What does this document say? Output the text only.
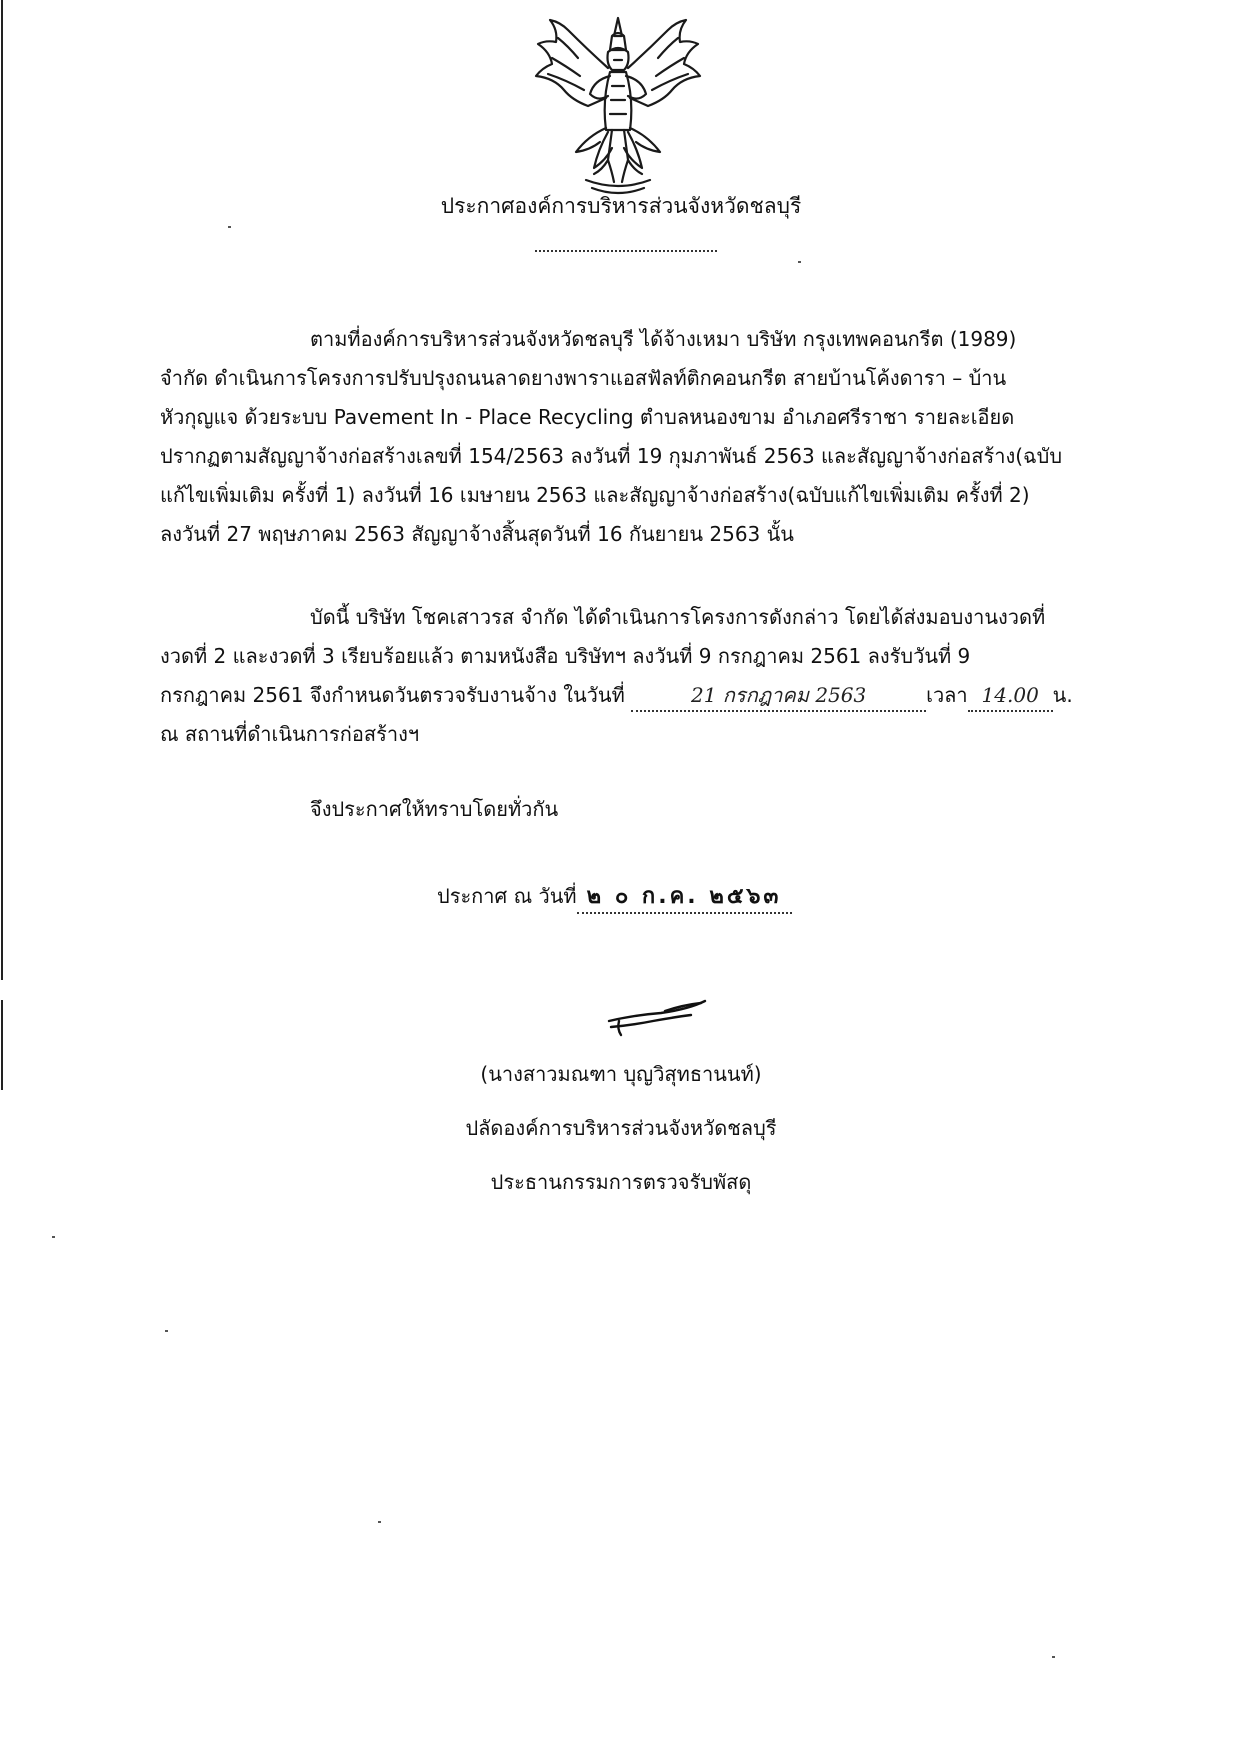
ประกาศองค์การบริหารส่วนจังหวัดชลบุรี

ตามที่องค์การบริหารส่วนจังหวัดชลบุรี ได้จ้างเหมา บริษัท กรุงเทพคอนกรีต (1989)

จำกัด ดำเนินการโครงการปรับปรุงถนนลาดยางพาราแอสฟัลท์ติกคอนกรีต สายบ้านโค้งดารา – บ้าน

หัวกุญแจ ด้วยระบบ Pavement In - Place Recycling ตำบลหนองขาม อำเภอศรีราชา รายละเอียด

ปรากฏตามสัญญาจ้างก่อสร้างเลขที่ 154/2563 ลงวันที่ 19 กุมภาพันธ์ 2563 และสัญญาจ้างก่อสร้าง(ฉบับ

แก้ไขเพิ่มเติม ครั้งที่ 1) ลงวันที่ 16 เมษายน 2563 และสัญญาจ้างก่อสร้าง(ฉบับแก้ไขเพิ่มเติม ครั้งที่ 2)

ลงวันที่ 27 พฤษภาคม 2563 สัญญาจ้างสิ้นสุดวันที่ 16 กันยายน 2563 นั้น

บัดนี้ บริษัท โชคเสาวรส จำกัด ได้ดำเนินการโครงการดังกล่าว โดยได้ส่งมอบงานงวดที่

งวดที่ 2 และงวดที่ 3 เรียบร้อยแล้ว ตามหนังสือ บริษัทฯ ลงวันที่ 9 กรกฎาคม 2561 ลงรับวันที่ 9

กรกฎาคม 2561 จึงกำหนดวันตรวจรับงานจ้าง ในวันที่	21 กรกฎาคม 2563	เวลา 14.00 น.

ณ สถานที่ดำเนินการก่อสร้างฯ

จึงประกาศให้ทราบโดยทั่วกัน

ประกาศ ณ วันที่ ๒ ๐ ก.ค. ๒๕๖๓
(นางสาวมณฑา บุญวิสุทธานนท์)
ปลัดองค์การบริหารส่วนจังหวัดชลบุรี
ประธานกรรมการตรวจรับพัสดุ
